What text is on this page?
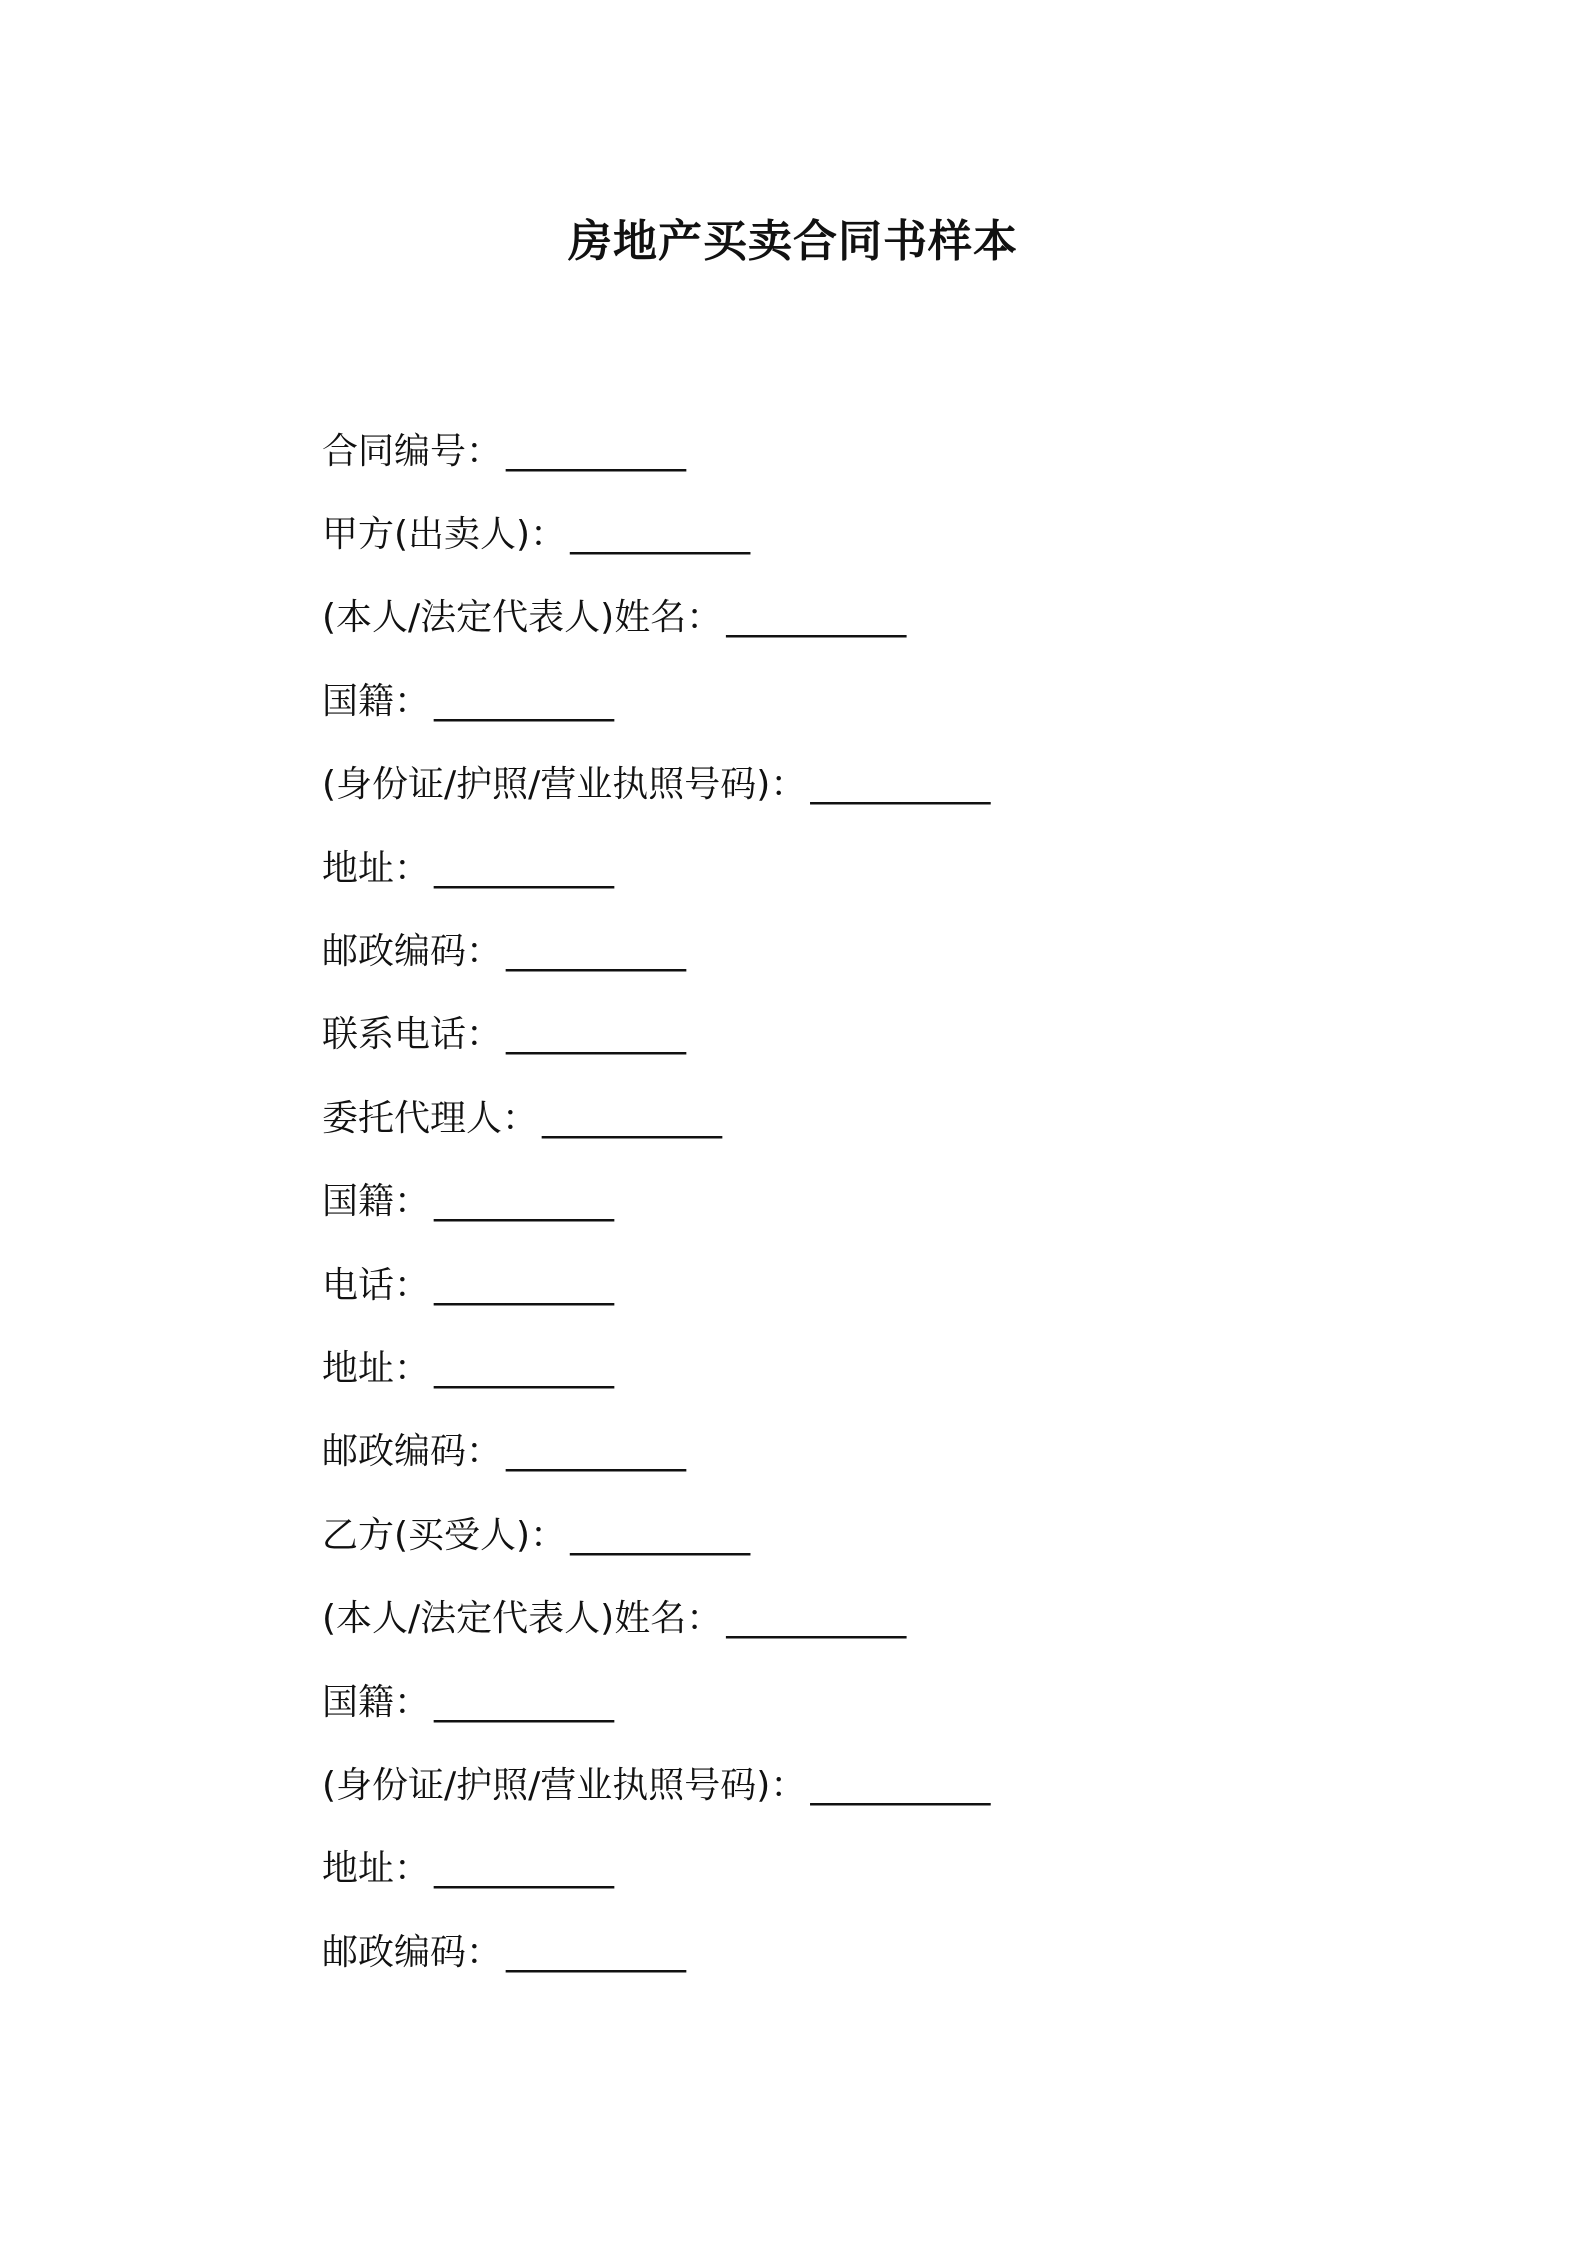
房地产买卖合同书样本
合同编号： __________
甲方(出卖人)： __________
(本人/法定代表人)姓名： __________
国籍： __________
(身份证/护照/营业执照号码)： __________
地址： __________
邮政编码： __________
联系电话： __________
委托代理人： __________
国籍： __________
电话： __________
地址： __________
邮政编码： __________
乙方(买受人)： __________
(本人/法定代表人)姓名： __________
国籍： __________
(身份证/护照/营业执照号码)： __________
地址： __________
邮政编码： __________
